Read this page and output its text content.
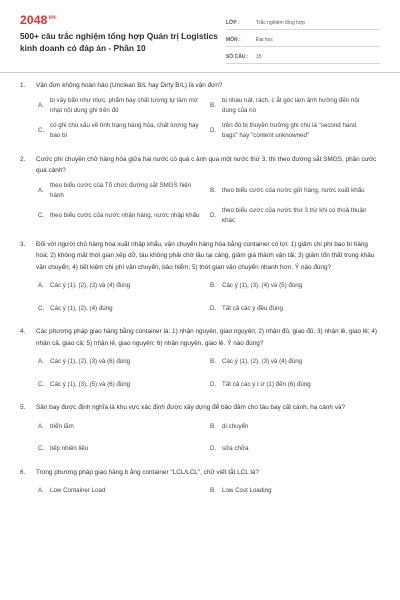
$2048^{vn}$
500+ câu trắc nghiệm tổng hợp Quản trị Logistics kinh doanh có đáp án - Phần 10
LỚP :	Trắc nghiệm tổng hợp
MÔN :	Đại học
SỐ CÂU :	15
1.	Vận đơn không hoàn hảo (Unclean B/L hay Dirty B/L) là vận đơn?
A.
bị vấy bẩn như mực, phẩm hay chất tương tự làm mờ nhạt nội dung ghi trên đó
B.
bị nhàu nát, rách, c ắt góc làm ảnh hưởng đến nội dung của nó
C.
có ghi chú xấu về tình trạng hàng hóa, chất lượng hay bao bì
D.
trên đó bị thuyền trưởng ghi chú là "second hand bags" hay "content unknowned"
2.	Cước phí chuyên chở hàng hóa giữa hai nước có quá c ảnh qua một nước thứ 3, thì theo đường sắt SMGS, phần cước quá cảnh?
A.
theo biểu cước của Tổ chức đường sắt SMGS hiện hành
B. theo biểu cước của nước gửi hàng, nước xuất khẩu
C. theo biểu cước của nước nhận hàng, nước nhập khẩu D.
theo biểu cước của nước thứ 3 trừ khi có thoả thuận khác
3.	Đối với người chủ hàng hóa xuất nhập khẩu, vận chuyển hàng hóa bằng container có lợi: 1) giảm chi phí bao bì hàng hoá; 2) không mất thời gian xếp dỡ, tàu không phải chờ lâu tại cảng, giảm giá thành vận tải; 3) giảm tổn thất trong khâu vận chuyển; 4) tiết kiệm chi phí vận chuyển, bảo hiểm; 5) thời gian vận chuyển nhanh hơn. Ý nào đúng?
A. Các ý (1), (2), (3) và (4) đúng	B. Các ý (1), (3), (4) và (5) đúng
C. Các ý (1), (2), (4) đúng	D. Tất cả các ý đều đúng
4.	Các phương pháp giao hàng bằng container là: 1) nhận nguyên, giao nguyên; 2) nhận đủ, giao đủ; 3) nhận lẻ, giao lẻ; 4) nhận cả, giao cả; 5) nhận lẻ, giao nguyên; 6) nhận nguyên, giao lẻ. Ý nào đúng?
A. Các ý (1), (2), (3) và (6) đúng	B. Các ý (1), (2), (3) và (4) đúng
C. Các ý (1), (3), (5) và (6) đúng	D. Tất cả các ý t ừ (1) đến (6) đúng
5.	Sân bay được định nghĩa là khu vực xác định được xây dựng để bảo đảm cho tàu bay cất cánh, hạ cánh và?
A. triển lãm	B. di chuyển
C. tiếp nhiên liệu	D. sửa chữa
6.	Trong phương pháp giao hàng b ằng container "LCL/LCL", chữ viết tắt LCL là?
A. Low Container Load	B. Low Cost Loading
